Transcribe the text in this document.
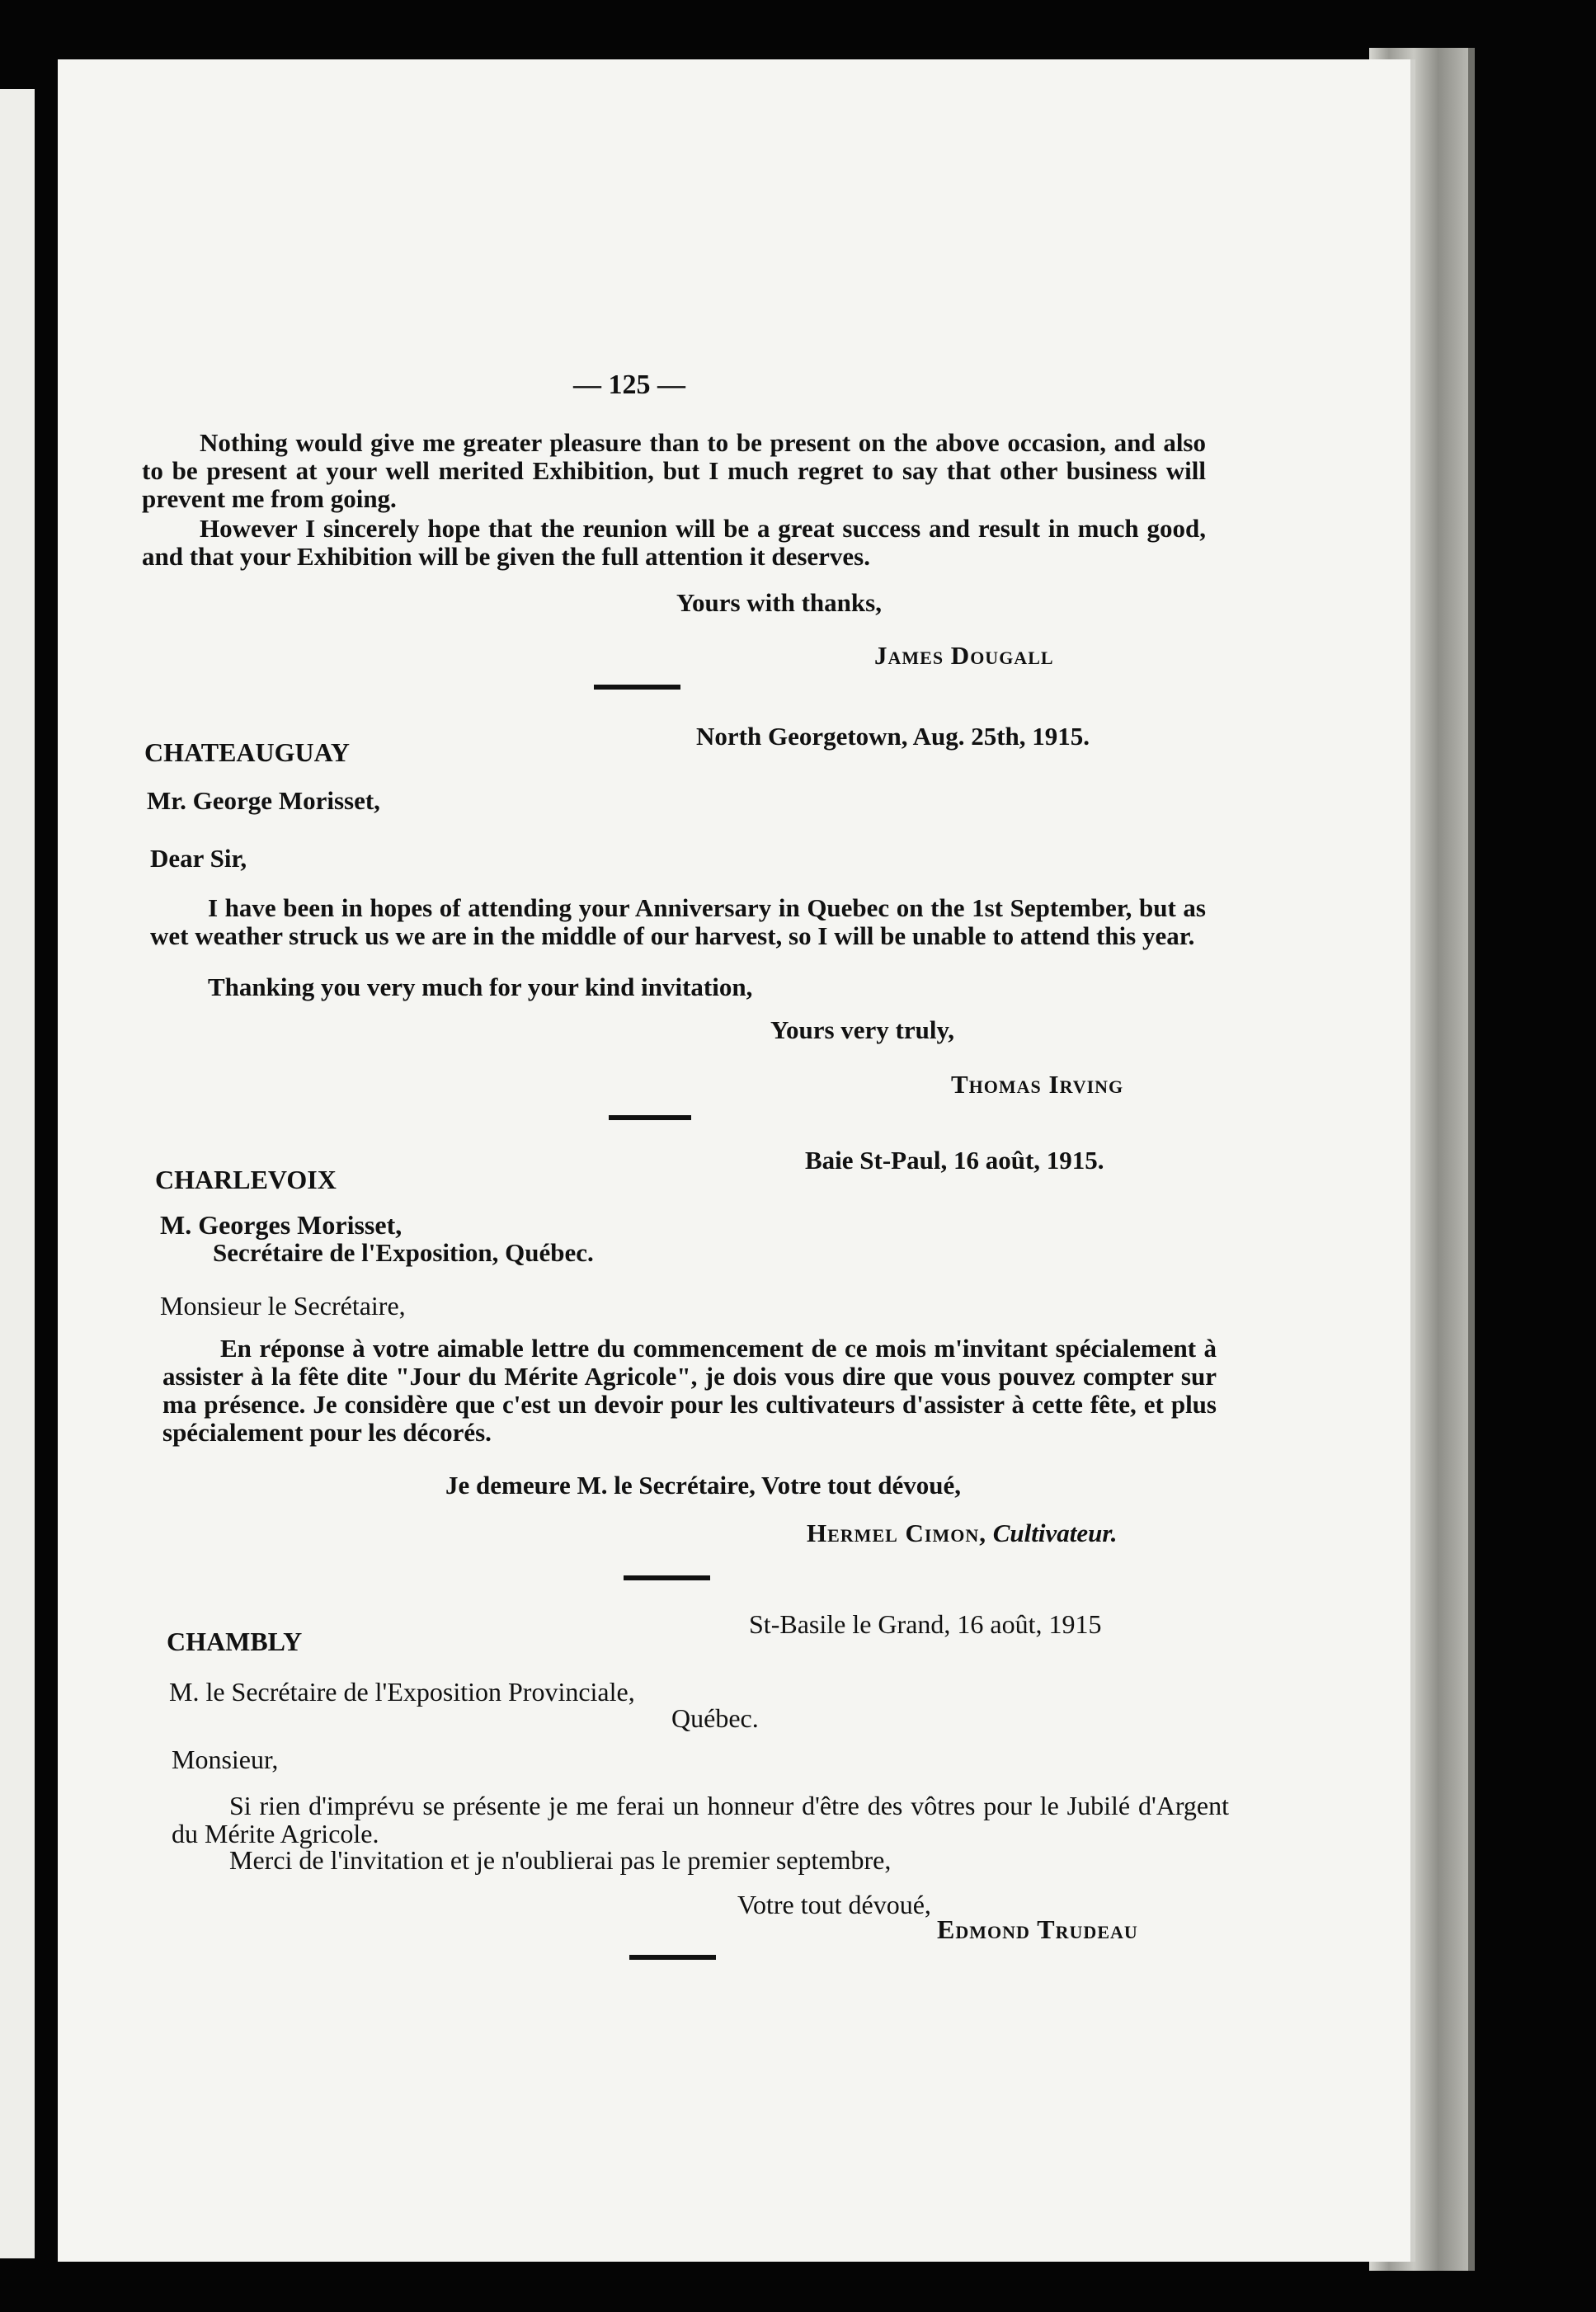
— 125 —
Nothing would give me greater pleasure than to be present on the above occasion, and also to be present at your well merited Exhibition, but I much regret to say that other business will prevent me from going.
However I sincerely hope that the reunion will be a great success and result in much good, and that your Exhibition will be given the full attention it deserves.
Yours with thanks,
James Dougall
CHATEAUGUAY
North Georgetown, Aug. 25th, 1915.
Mr. George Morisset,
Dear Sir,
I have been in hopes of attending your Anniversary in Quebec on the 1st September, but as wet weather struck us we are in the middle of our harvest, so I will be unable to attend this year.
Thanking you very much for your kind invitation,
Yours very truly,
Thomas Irving
CHARLEVOIX
Baie St-Paul, 16 août, 1915.
M. Georges Morisset,
Secrétaire de l'Exposition, Québec.
Monsieur le Secrétaire,
En réponse à votre aimable lettre du commencement de ce mois m'invitant spécialement à assister à la fête dite "Jour du Mérite Agricole", je dois vous dire que vous pouvez compter sur ma présence. Je considère que c'est un devoir pour les cultivateurs d'assister à cette fête, et plus spécialement pour les décorés.
Je demeure M. le Secrétaire, Votre tout dévoué,
Hermel Cimon, Cultivateur.
CHAMBLY
St-Basile le Grand, 16 août, 1915
M. le Secrétaire de l'Exposition Provinciale,
Québec.
Monsieur,
Si rien d'imprévu se présente je me ferai un honneur d'être des vôtres pour le Jubilé d'Argent du Mérite Agricole.
Merci de l'invitation et je n'oublierai pas le premier septembre,
Votre tout dévoué,
Edmond Trudeau
